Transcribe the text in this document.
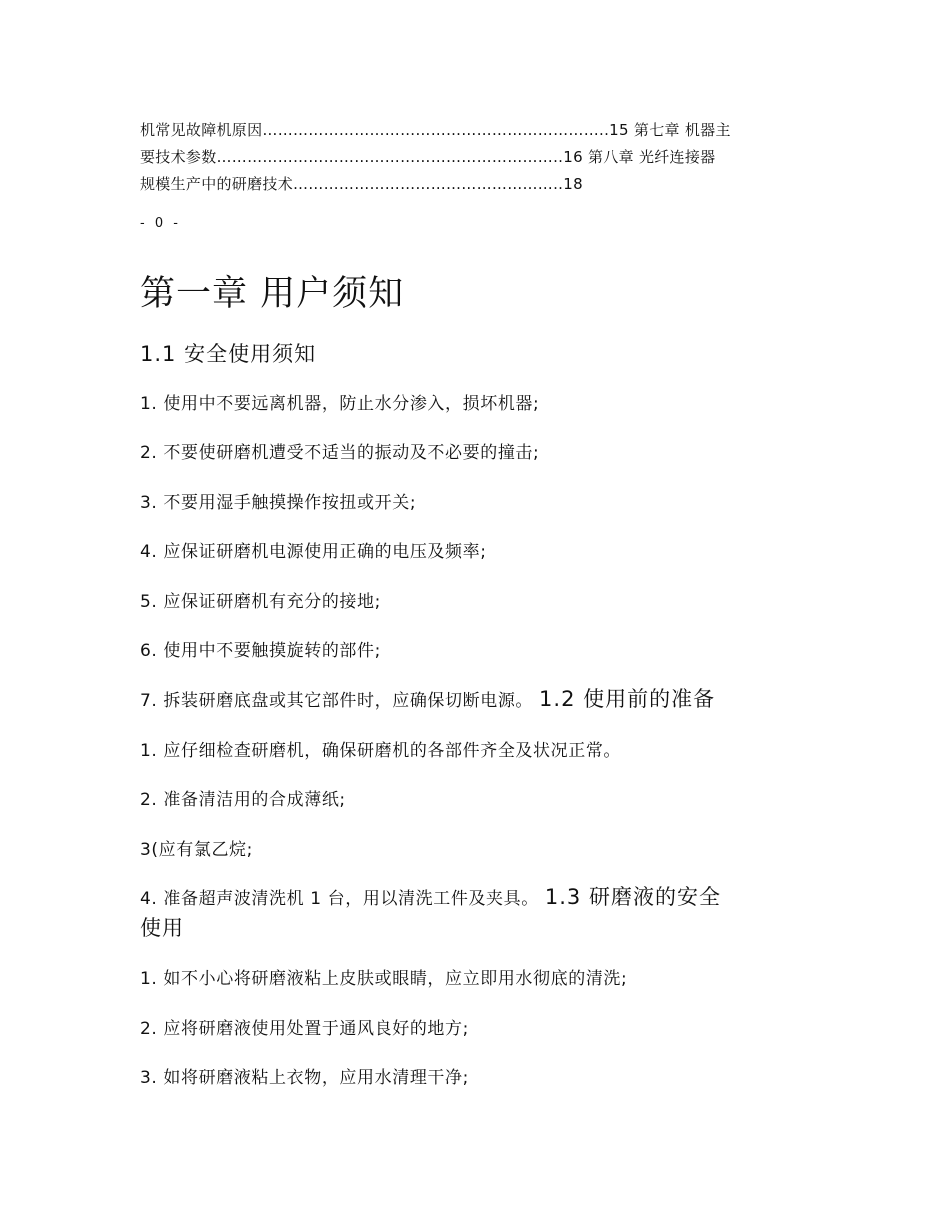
机常见故障机原因…………………………………………………………..15 第七章 机器主
要技术参数…………………………………………………………..16 第八章 光纤连接器
规模生产中的研磨技术……………………………………………..18
- 0 -
第一章 用户须知
1.1 安全使用须知

1. 使用中不要远离机器，防止水分渗入，损坏机器;

2. 不要使研磨机遭受不适当的振动及不必要的撞击;

3. 不要用湿手触摸操作按扭或开关;

4. 应保证研磨机电源使用正确的电压及频率;

5. 应保证研磨机有充分的接地;

6. 使用中不要触摸旋转的部件;

7. 拆装研磨底盘或其它部件时，应确保切断电源。 1.2 使用前的准备

1. 应仔细检查研磨机，确保研磨机的各部件齐全及状况正常。

2. 准备清洁用的合成薄纸;

3(应有氯乙烷;

4. 准备超声波清洗机 1 台，用以清洗工件及夹具。 1.3 研磨液的安全
使用

1. 如不小心将研磨液粘上皮肤或眼睛，应立即用水彻底的清洗;

2. 应将研磨液使用处置于通风良好的地方;

3. 如将研磨液粘上衣物，应用水清理干净;
